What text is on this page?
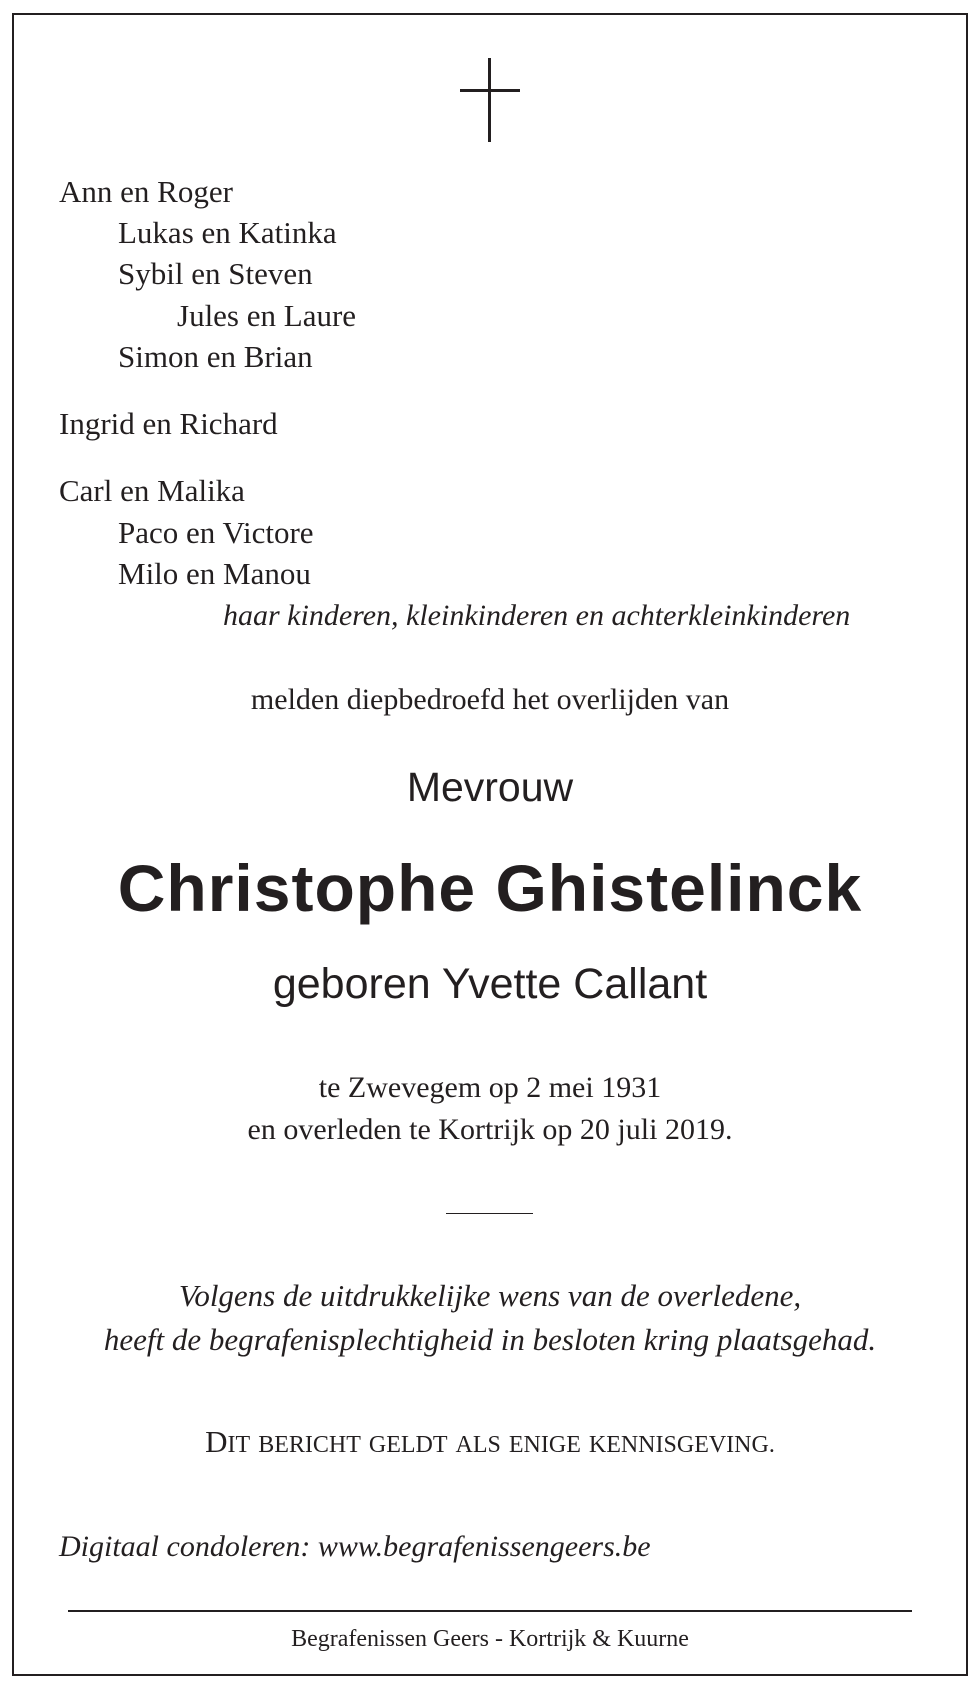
Ann en Roger
Lukas en Katinka
Sybil en Steven
Jules en Laure
Simon en Brian
Ingrid en Richard
Carl en Malika
Paco en Victore
Milo en Manou
haar kinderen, kleinkinderen en achterkleinkinderen
melden diepbedroefd het overlijden van
Mevrouw
Christophe Ghistelinck
geboren Yvette Callant
te Zwevegem op 2 mei 1931
en overleden te Kortrijk op 20 juli 2019.
Volgens de uitdrukkelijke wens van de overledene,
heeft de begrafenisplechtigheid in besloten kring plaatsgehad.
DIT BERICHT GELDT ALS ENIGE KENNISGEVING.
Digitaal condoleren: www.begrafenissengeers.be
Begrafenissen Geers - Kortrijk & Kuurne
